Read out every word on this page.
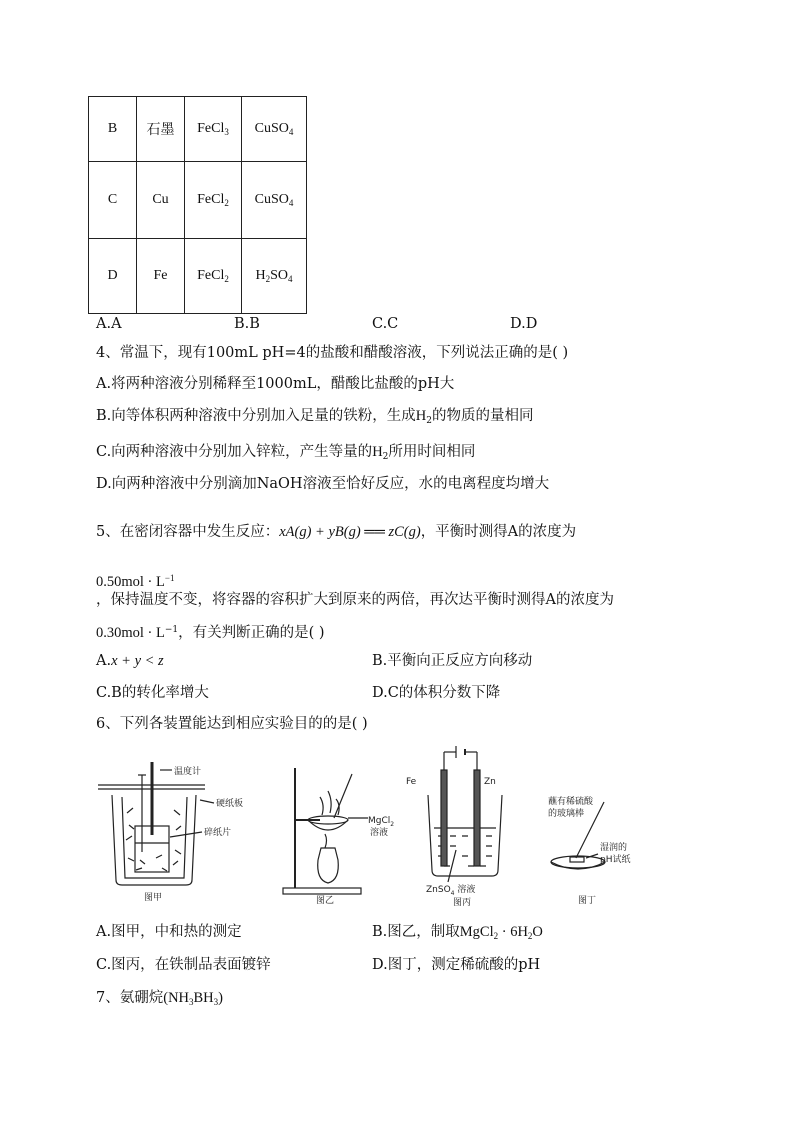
B	石墨	FeCl$_3$	CuSO$_4$
C	Cu	FeCl$_2$	CuSO$_4$
D	Fe	FeCl$_2$	$H_2SO_4$
A.A	B.B	C.C	D.D
4、常温下，现有100mL pH=4的盐酸和醋酸溶液，下列说法正确的是( )
A.将两种溶液分别稀释至1000mL，醋酸比盐酸的pH大
B.向等体积两种溶液中分别加入足量的铁粉，生成$H_2$的物质的量相同
C.向两种溶液中分别加入锌粒，产生等量的$H_2$所用时间相同
D.向两种溶液中分别滴加NaOH溶液至恰好反应，水的电离程度均增大
5、在密闭容器中发生反应：xA(g) + yB(g) ══ zC(g)，平衡时测得A的浓度为
$0.50mol \cdot L^{-1}$
，保持温度不变，将容器的容积扩大到原来的两倍，再次达平衡时测得A的浓度为
$0.30mol \cdot L^{-1}$，有关判断正确的是( )
A.x + y < z	B.平衡向正反应方向移动
C.B的转化率增大	D.C的体积分数下降
6、下列各装置能达到相应实验目的的是( )
温度计
硬纸板
碎纸片
图甲
MgCl$_2$
溶液
图乙
Fe	Zn
ZnSO$_4$ 溶液
图丙
蘸有稀硫酸
的玻璃棒
湿润的
pH试纸
图丁
A.图甲，中和热的测定	B.图乙，制取MgCl$_2$ · $6H_2O$
C.图丙，在铁制品表面镀锌	D.图丁，测定稀硫酸的pH
7、氨硼烷$(NH_3BH_3)$
